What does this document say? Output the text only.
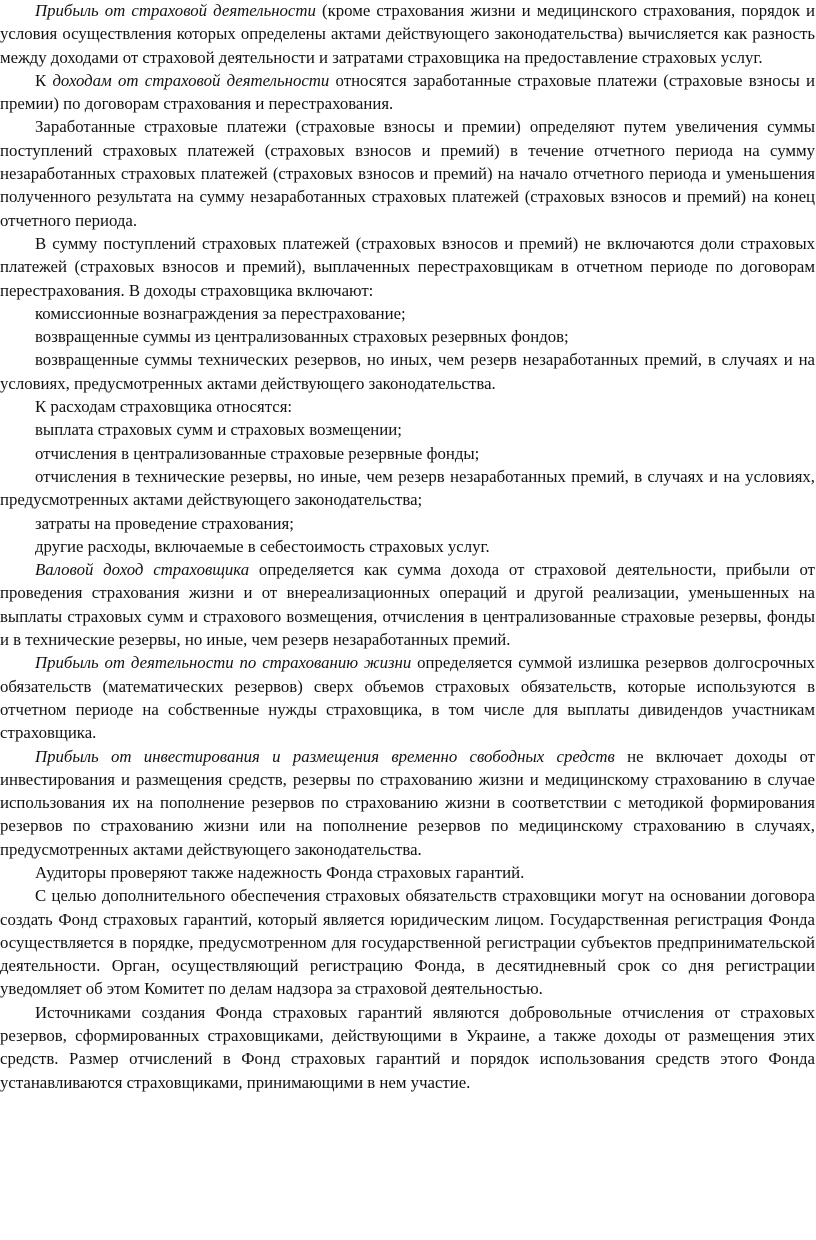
Прибыль от страховой деятельности (кроме страхования жизни и медицинского страхования, порядок и условия осуществления которых определены актами действующего законодательства) вычисляется как разность между доходами от страховой деятельности и затратами страховщика на предоставление страховых услуг.

К доходам от страховой деятельности относятся заработанные страховые платежи (страховые взносы и премии) по договорам страхования и перестрахования.

Заработанные страховые платежи (страховые взносы и премии) определяют путем увеличения суммы поступлений страховых платежей (страховых взносов и премий) в течение отчетного периода на сумму незаработанных страховых платежей (страховых взносов и премий) на начало отчетного периода и уменьшения полученного результата на сумму незаработанных страховых платежей (страховых взносов и премий) на конец отчетного периода.

В сумму поступлений страховых платежей (страховых взносов и премий) не включаются доли страховых платежей (страховых взносов и премий), выплаченных перестраховщикам в отчетном периоде по договорам перестрахования. В доходы страховщика включают:

комиссионные вознаграждения за перестрахование;

возвращенные суммы из централизованных страховых резервных фондов;

возвращенные суммы технических резервов, но иных, чем резерв незаработанных премий, в случаях и на условиях, предусмотренных актами действующего законодательства.

К расходам страховщика относятся:

выплата страховых сумм и страховых возмещении;

отчисления в централизованные страховые резервные фонды;

отчисления в технические резервы, но иные, чем резерв незаработанных премий, в случаях и на условиях, предусмотренных актами действующего законодательства;

затраты на проведение страхования;

другие расходы, включаемые в себестоимость страховых услуг.

Валовой доход страховщика определяется как сумма дохода от страховой деятельности, прибыли от проведения страхования жизни и от внереализационных операций и другой реализации, уменьшенных на выплаты страховых сумм и страхового возмещения, отчисления в централизованные страховые резервы, фонды и в технические резервы, но иные, чем резерв незаработанных премий.

Прибыль от деятельности по страхованию жизни определяется суммой излишка резервов долгосрочных обязательств (математических резервов) сверх объемов страховых обязательств, которые используются в отчетном периоде на собственные нужды страховщика, в том числе для выплаты дивидендов участникам страховщика.

Прибыль от инвестирования и размещения временно свободных средств не включает доходы от инвестирования и размещения средств, резервы по страхованию жизни и медицинскому страхованию в случае использования их на пополнение резервов по страхованию жизни в соответствии с методикой формирования резервов по страхованию жизни или на пополнение резервов по медицинскому страхованию в случаях, предусмотренных актами действующего законодательства.

Аудиторы проверяют также надежность Фонда страховых гарантий.

С целью дополнительного обеспечения страховых обязательств страховщики могут на основании договора создать Фонд страховых гарантий, который является юридическим лицом. Государственная регистрация Фонда осуществляется в порядке, предусмотренном для государственной регистрации субъектов предпринимательской деятельности. Орган, осуществляющий регистрацию Фонда, в десятидневный срок со дня регистрации уведомляет об этом Комитет по делам надзора за страховой деятельностью.

Источниками создания Фонда страховых гарантий являются добровольные отчисления от страховых резервов, сформированных страховщиками, действующими в Украине, а также доходы от размещения этих средств. Размер отчислений в Фонд страховых гарантий и порядок использования средств этого Фонда устанавливаются страховщиками, принимающими в нем участие.
